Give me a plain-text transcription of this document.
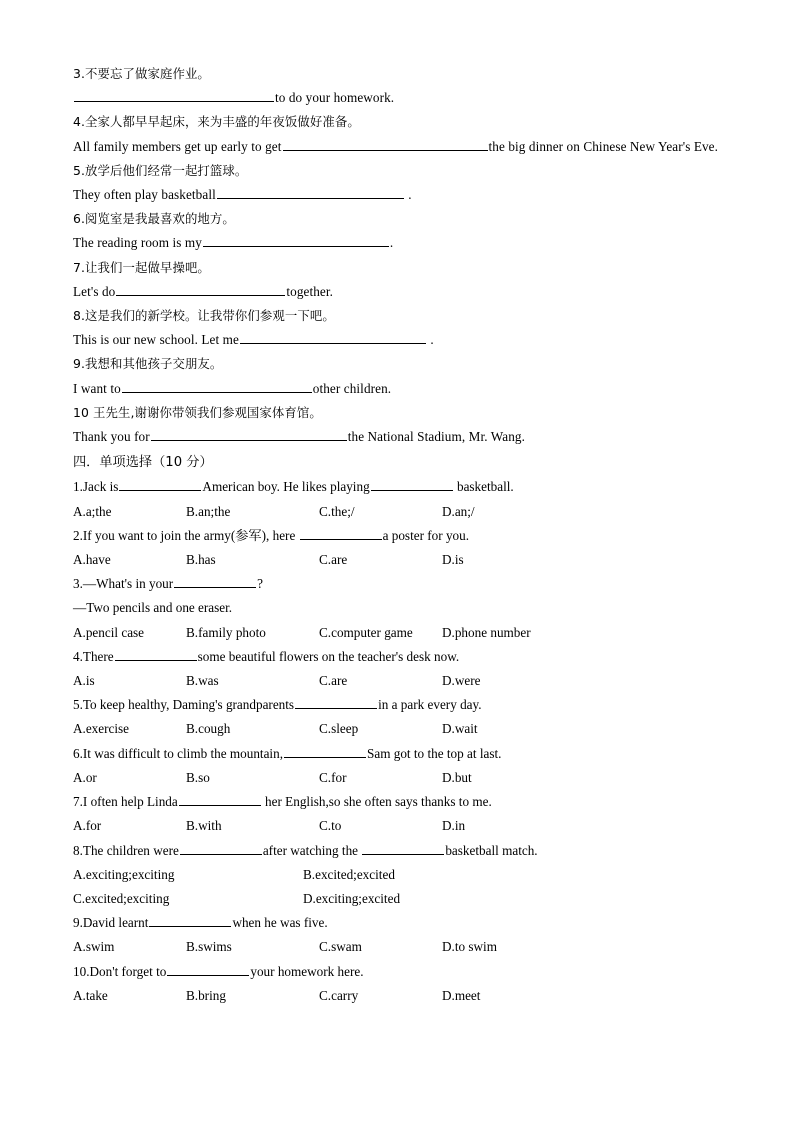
3.不要忘了做家庭作业。
to do your homework.
4.全家人都早早起床，来为丰盛的年夜饭做好准备。
All family members get up early to get	the big dinner on Chinese New Year's Eve.
5.放学后他们经常一起打篮球。
They often play basketball	.
6.阅览室是我最喜欢的地方。
The reading room is my	.
7.让我们一起做早操吧。
Let's do	together.
8.这是我们的新学校。让我带你们参观一下吧。
This is our new school. Let me	.
9.我想和其他孩子交朋友。
I want to	other children.
10 王先生,谢谢你带领我们参观国家体育馆。
Thank you for	the National Stadium, Mr. Wang.
四．单项选择（10 分）
1.Jack is	American boy. He likes playing	basketball.
A.a;the	B.an;the	C.the;/	D.an;/
2.If you want to join the army(参军), here	a poster for you.
A.have	B.has	C.are	D.is
3.—What's in your	?
—Two pencils and one eraser.
A.pencil case	B.family photo	C.computer game	D.phone number
4.There	some beautiful flowers on the teacher's desk now.
A.is	B.was	C.are	D.were
5.To keep healthy, Daming's grandparents	in a park every day.
A.exercise	B.cough	C.sleep	D.wait
6.It was difficult to climb the mountain,	Sam got to the top at last.
A.or	B.so	C.for	D.but
7.I often help Linda	her English,so she often says thanks to me.
A.for	B.with	C.to	D.in
8.The children were	after watching the	basketball match.
A.exciting;exciting	B.excited;excited
C.excited;exciting	D.exciting;excited
9.David learnt	when he was five.
A.swim	B.swims	C.swam	D.to swim
10.Don't forget to	your homework here.
A.take	B.bring	C.carry	D.meet
